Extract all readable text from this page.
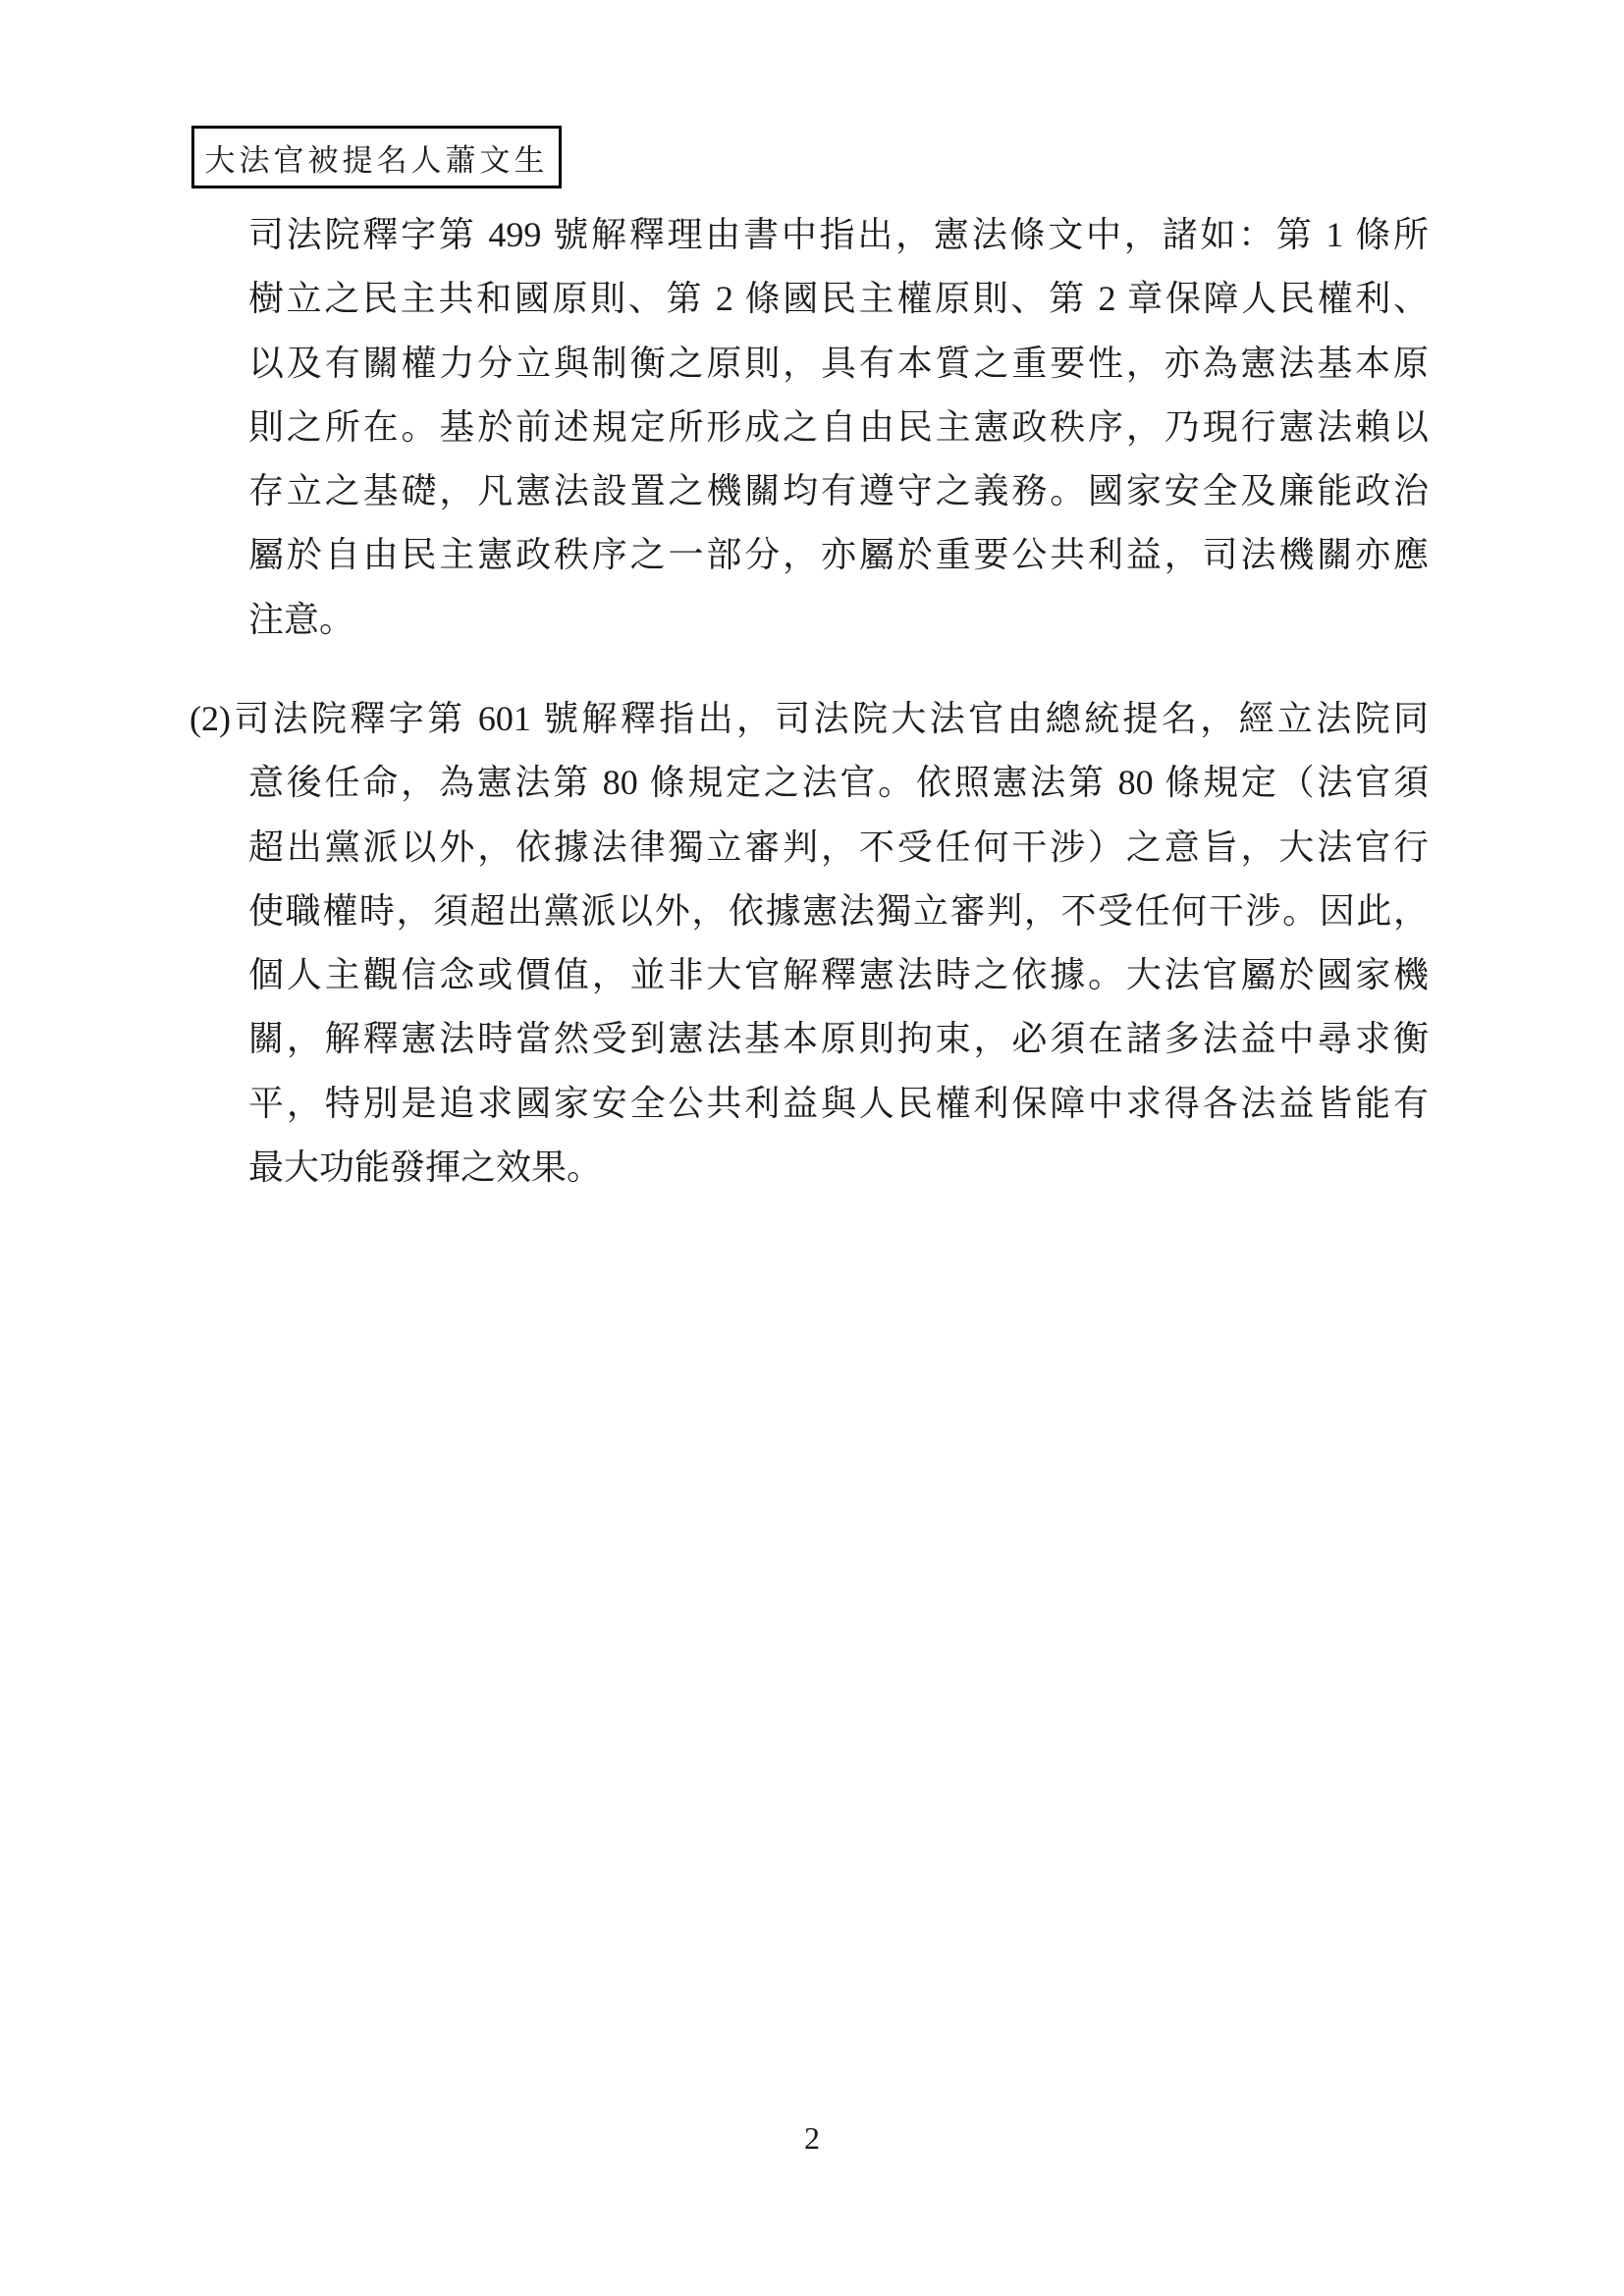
大法官被提名人蕭文生
司法院釋字第 499 號解釋理由書中指出，憲法條文中，諸如：第 1 條所
樹立之民主共和國原則、第 2 條國民主權原則、第 2 章保障人民權利、
以及有關權力分立與制衡之原則，具有本質之重要性，亦為憲法基本原
則之所在。基於前述規定所形成之自由民主憲政秩序，乃現行憲法賴以
存立之基礎，凡憲法設置之機關均有遵守之義務。國家安全及廉能政治
屬於自由民主憲政秩序之一部分，亦屬於重要公共利益，司法機關亦應
注意。
(2)司法院釋字第 601 號解釋指出，司法院大法官由總統提名，經立法院同
意後任命，為憲法第 80 條規定之法官。依照憲法第 80 條規定（法官須
超出黨派以外，依據法律獨立審判，不受任何干涉）之意旨，大法官行
使職權時，須超出黨派以外，依據憲法獨立審判，不受任何干涉。因此，
個人主觀信念或價值，並非大官解釋憲法時之依據。大法官屬於國家機
關，解釋憲法時當然受到憲法基本原則拘束，必須在諸多法益中尋求衡
平，特別是追求國家安全公共利益與人民權利保障中求得各法益皆能有
最大功能發揮之效果。
2
